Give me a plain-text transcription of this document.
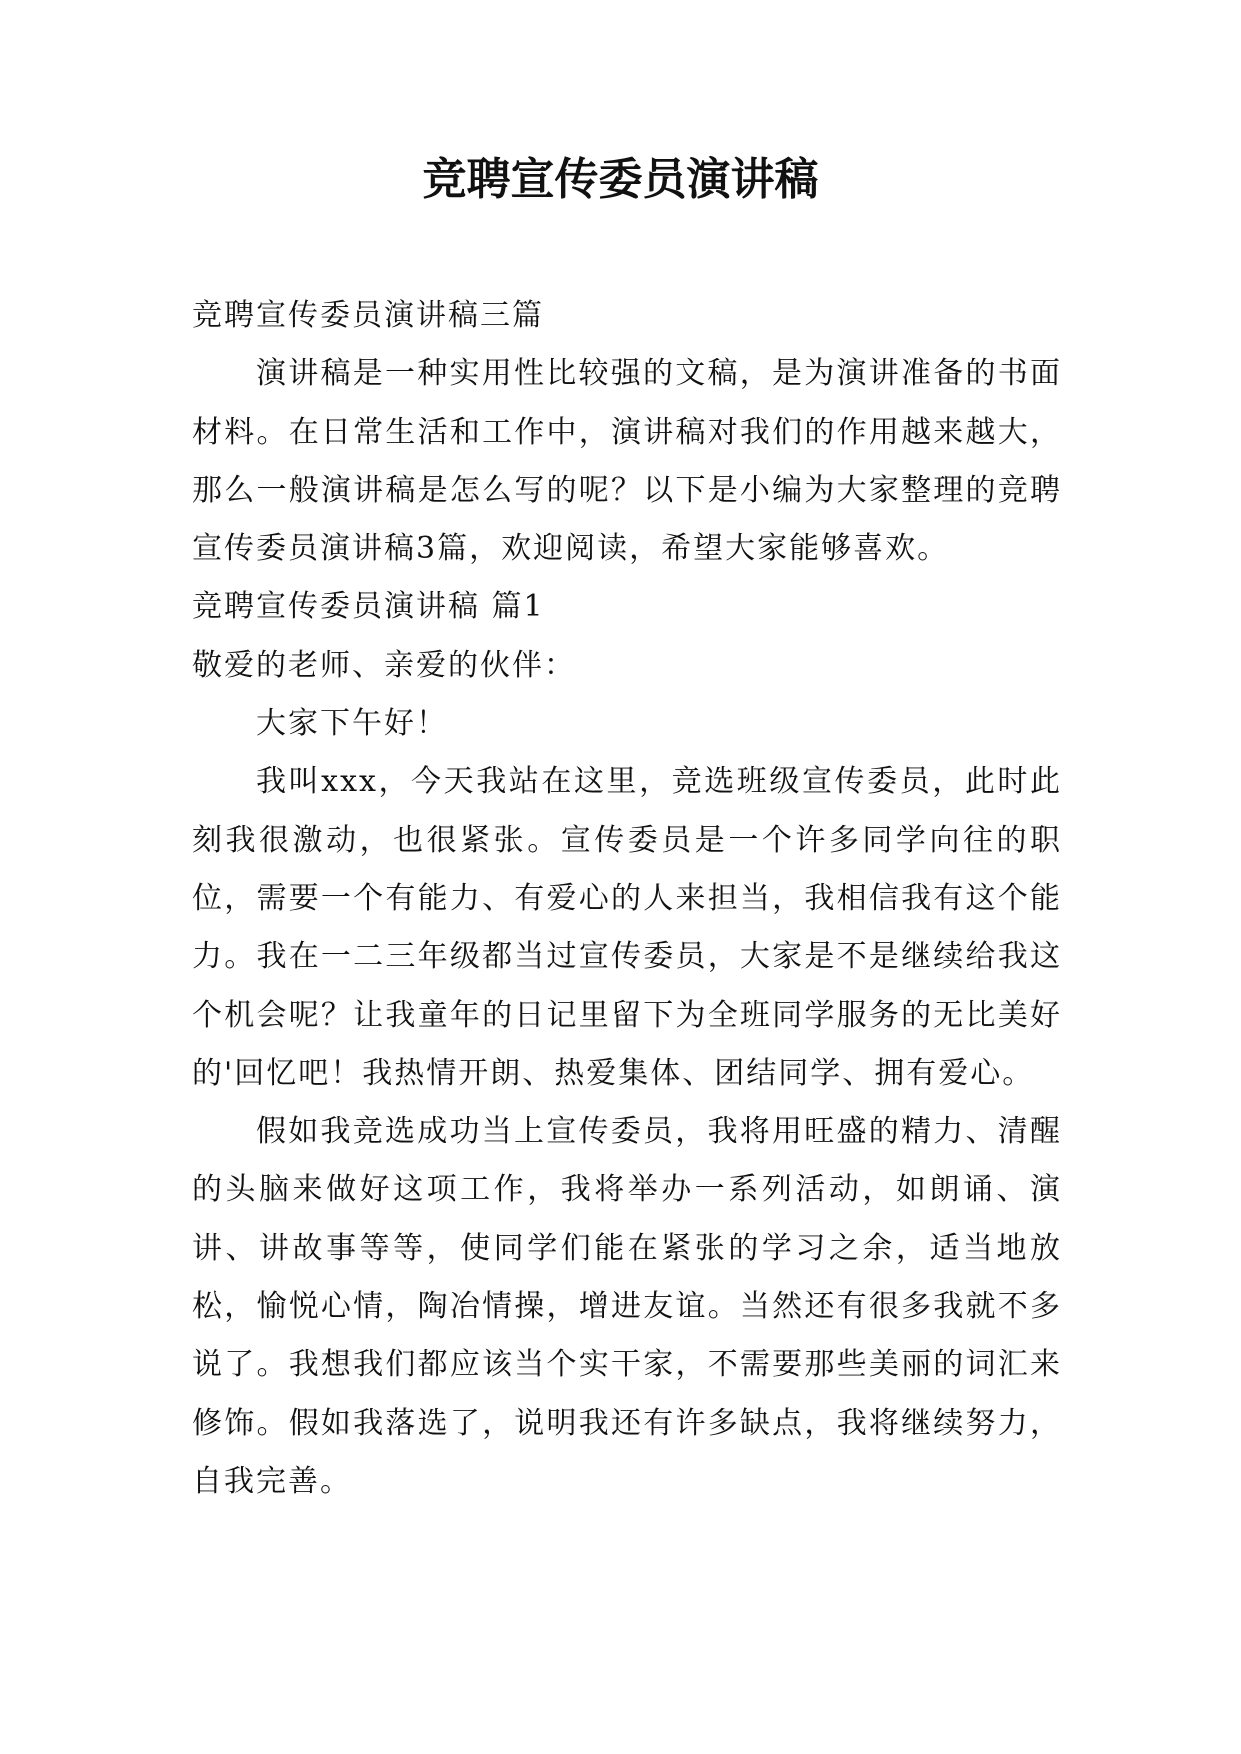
竞聘宣传委员演讲稿

竞聘宣传委员演讲稿三篇

演讲稿是一种实用性比较强的文稿，是为演讲准备的书面材料。在日常生活和工作中，演讲稿对我们的作用越来越大，那么一般演讲稿是怎么写的呢？以下是小编为大家整理的竞聘宣传委员演讲稿3篇，欢迎阅读，希望大家能够喜欢。

竞聘宣传委员演讲稿 篇1

敬爱的老师、亲爱的伙伴：

大家下午好！

我叫xxx，今天我站在这里，竞选班级宣传委员，此时此刻我很激动，也很紧张。宣传委员是一个许多同学向往的职位，需要一个有能力、有爱心的人来担当，我相信我有这个能力。我在一二三年级都当过宣传委员，大家是不是继续给我这个机会呢？让我童年的日记里留下为全班同学服务的无比美好的'回忆吧！我热情开朗、热爱集体、团结同学、拥有爱心。

假如我竞选成功当上宣传委员，我将用旺盛的精力、清醒的头脑来做好这项工作，我将举办一系列活动，如朗诵、演讲、讲故事等等，使同学们能在紧张的学习之余，适当地放松，愉悦心情，陶冶情操，增进友谊。当然还有很多我就不多说了。我想我们都应该当个实干家，不需要那些美丽的词汇来修饰。假如我落选了，说明我还有许多缺点，我将继续努力，自我完善。
